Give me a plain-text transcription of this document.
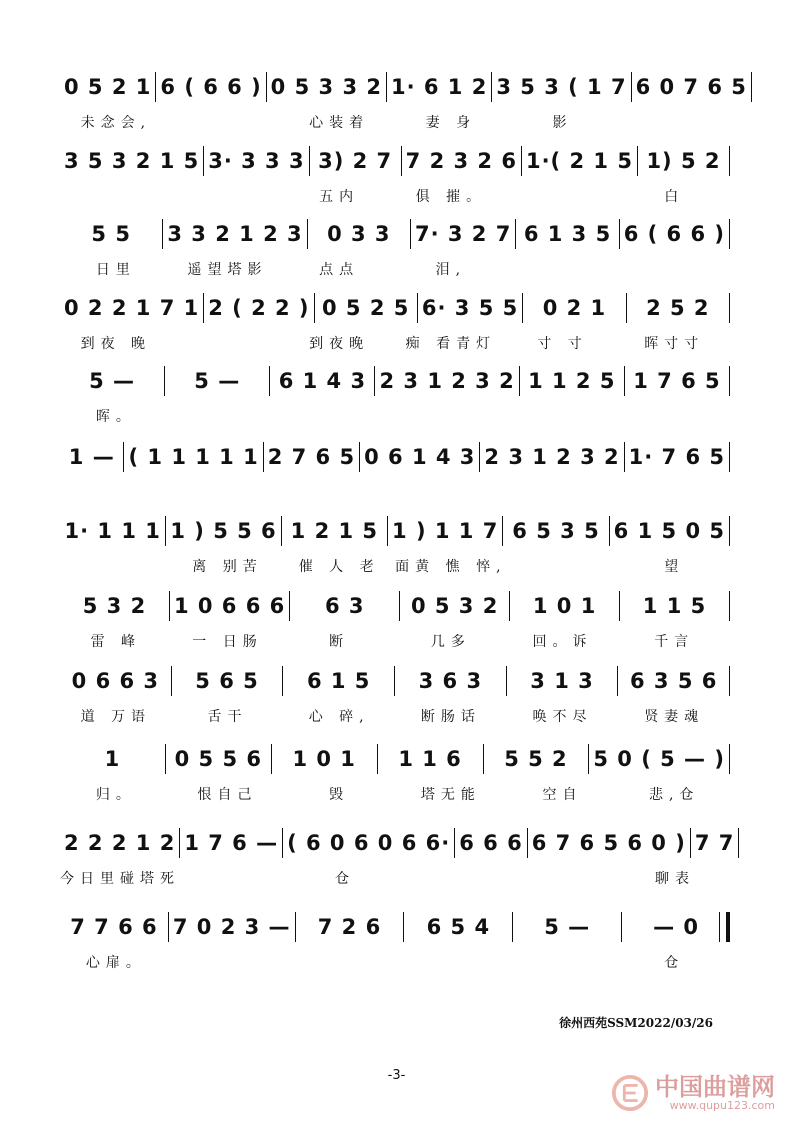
0 5 2 1 6 ( 6 6 ) 0 5 3 3 2 1· 6 1 2 3 5 3 ( 1 7 6 0 7 6 5
未念会,	心装着	妻 身	影
3 5 3 2 1 5 3· 3 3 3 3) 2 7 7 2 3 2 6 1·( 2 1 5 1) 5 2
五内	俱 摧。	白
5 5	3 3 2 1 2 3	0 3 3	7· 3 2 7 6 1 3 5 6 ( 6 6 )
日里	遥望塔影	点点	泪,
0 2 2 1 7 1 2 ( 2 2 ) 0 5 2 5 6· 3 5 5	0 2 1	2 5 2
到夜 晚	到夜晚	痴 看青灯	寸 寸	晖寸寸
5 —	5 —	6 1 4 3 2 3 1 2 3 2 1 1 2 5 1 7 6 5
晖。
1 — ( 1 1 1 1 1 2 7 6 5 0 6 1 4 3 2 3 1 2 3 2 1· 7 6 5
1· 1 1 1 1 ) 5 5 6 1 2 1 5 1 ) 1 1 7 6 5 3 5 6 1 5 0 5
离 别苦	催 人 老	面黄 憔 悴,	望
5 3 2	1 0 6 6 6	6 3	0 5 3 2	1 0 1	1 1 5
雷 峰	一 日肠	断	几多	回。诉	千言
0 6 6 3	5 6 5	6 1 5	3 6 3	3 1 3	6 3 5 6
道 万语	舌干	心 碎,	断肠话	唤不尽	贤妻魂
1	0 5 5 6	1 0 1	1 1 6	5 5 2	5 0 ( 5 — )
归。	恨自己	毁	塔无能	空自	悲,仓
2 2 2 1 2 1 7 6 — ( 6 0 6 0 6 6· 6 6 6 6 7 6 5 6 0 ) 7 7
今日里碰塔死	仓	聊表
7 7 6 6 7 0 2 3 —	7 2 6	6 5 4	5 —	— 0
心扉。	仓
徐州西苑SSM2022/03/26
-3-	中国曲谱网
www.qupu123.com
